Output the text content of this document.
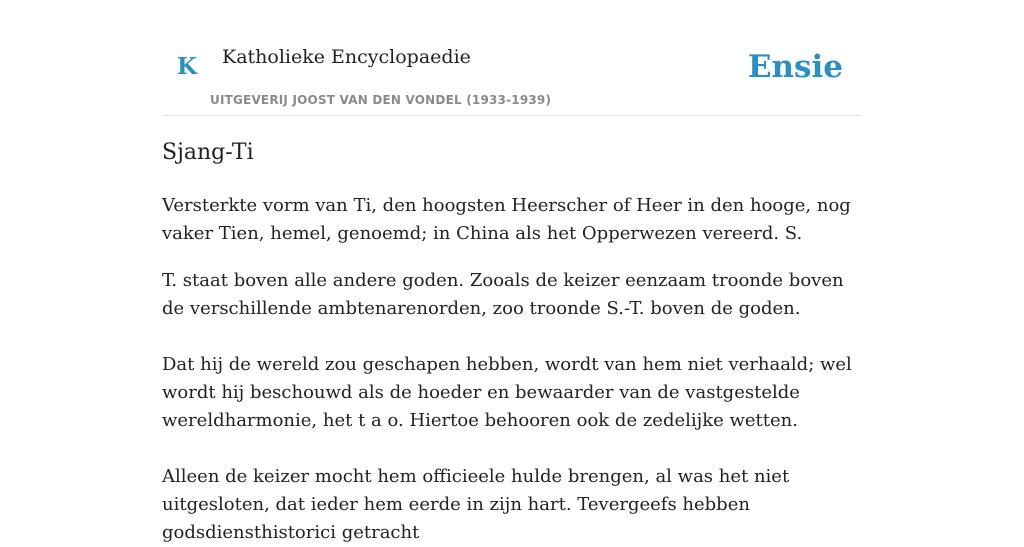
K Katholieke Encyclopaedie
UITGEVERIJ JOOST VAN DEN VONDEL (1933-1939)
Ensie
Sjang-Ti

Versterkte vorm van Ti, den hoogsten Heerscher of Heer in den hooge, nog vaker Tien, hemel, genoemd; in China als het Opperwezen vereerd. S.

T. staat boven alle andere goden. Zooals de keizer eenzaam troonde boven de verschillende ambtenarenorden, zoo troonde S.-T. boven de goden.

Dat hij de wereld zou geschapen hebben, wordt van hem niet verhaald; wel wordt hij beschouwd als de hoeder en bewaarder van de vastgestelde wereldharmonie, het t a o. Hiertoe behooren ook de zedelijke wetten.

Alleen de keizer mocht hem officieele hulde brengen, al was het niet uitgesloten, dat ieder hem eerde in zijn hart. Tevergeefs hebben godsdiensthistorici getracht
